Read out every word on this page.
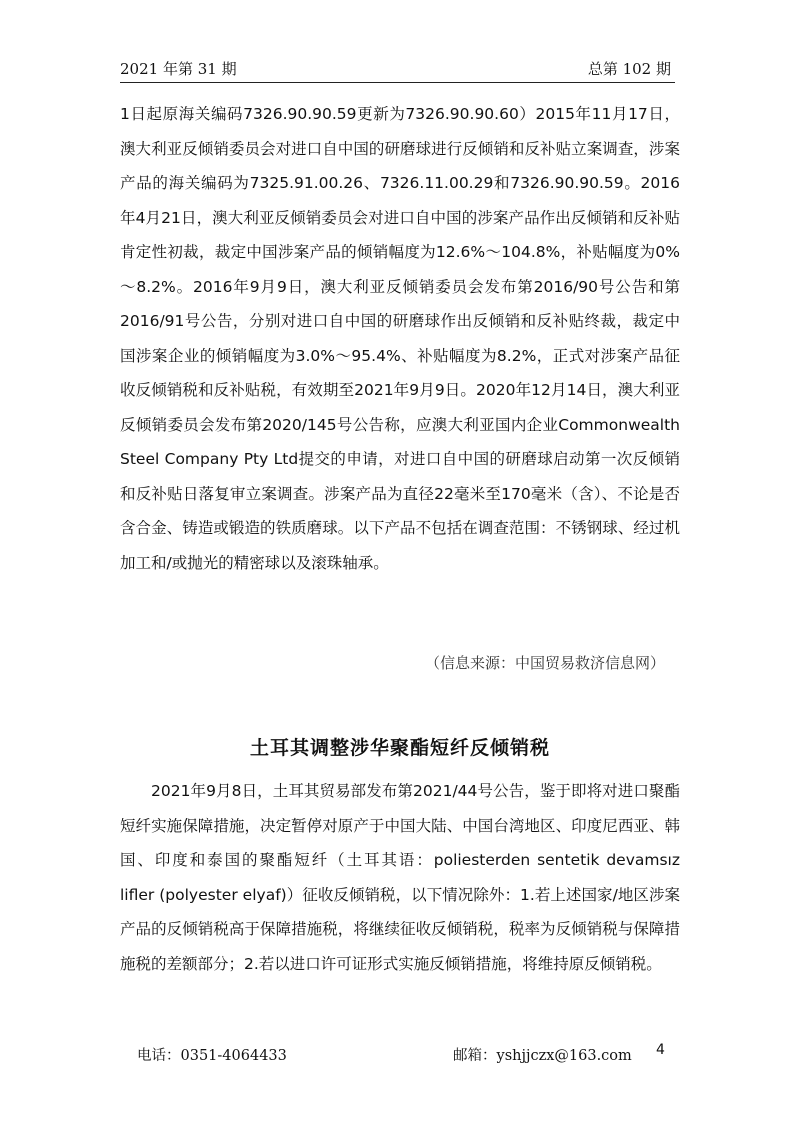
2021 年第 31 期	总第 102 期

1日起原海关编码7326.90.90.59更新为7326.90.90.60）2015年11月17日，澳大利亚反倾销委员会对进口自中国的研磨球进行反倾销和反补贴立案调查，涉案产品的海关编码为7325.91.00.26、7326.11.00.29和7326.90.90.59。2016年4月21日，澳大利亚反倾销委员会对进口自中国的涉案产品作出反倾销和反补贴肯定性初裁，裁定中国涉案产品的倾销幅度为12.6%～104.8%，补贴幅度为0%～8.2%。2016年9月9日，澳大利亚反倾销委员会发布第2016/90号公告和第2016/91号公告，分别对进口自中国的研磨球作出反倾销和反补贴终裁，裁定中国涉案企业的倾销幅度为3.0%～95.4%、补贴幅度为8.2%，正式对涉案产品征收反倾销税和反补贴税，有效期至2021年9月9日。2020年12月14日，澳大利亚反倾销委员会发布第2020/145号公告称，应澳大利亚国内企业Commonwealth Steel Company Pty Ltd提交的申请，对进口自中国的研磨球启动第一次反倾销和反补贴日落复审立案调查。涉案产品为直径22毫米至170毫米（含）、不论是否含合金、铸造或锻造的铁质磨球。以下产品不包括在调查范围：不锈钢球、经过机加工和/或抛光的精密球以及滚珠轴承。

（信息来源：中国贸易救济信息网）
土耳其调整涉华聚酯短纤反倾销税

2021年9月8日，土耳其贸易部发布第2021/44号公告，鉴于即将对进口聚酯短纤实施保障措施，决定暂停对原产于中国大陆、中国台湾地区、印度尼西亚、韩国、印度和泰国的聚酯短纤（土耳其语：poliesterden sentetik devamsız lifler (polyester elyaf)）征收反倾销税，以下情况除外：1.若上述国家/地区涉案产品的反倾销税高于保障措施税，将继续征收反倾销税，税率为反倾销税与保障措施税的差额部分；2.若以进口许可证形式实施反倾销措施，将维持原反倾销税。

电话：0351-4064433	邮箱：yshjjczx@163.com 4
